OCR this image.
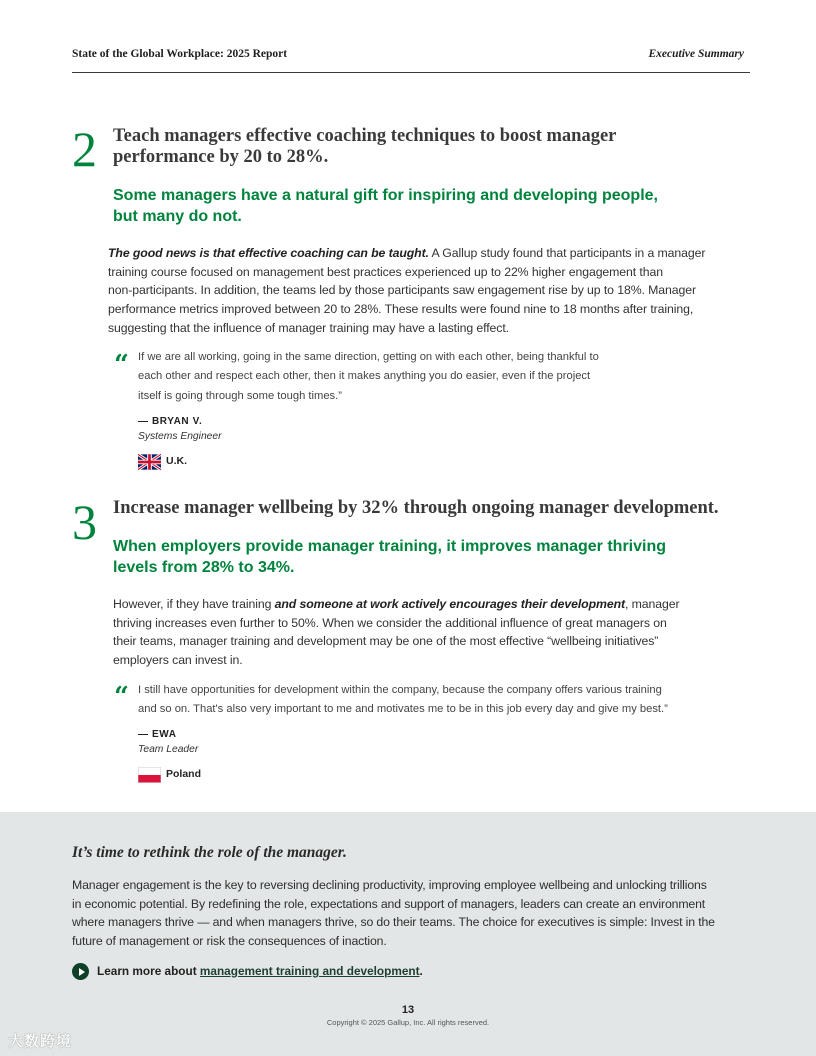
State of the Global Workplace: 2025 Report	Executive Summary
2 Teach managers effective coaching techniques to boost manager
performance by 20 to 28%.
Some managers have a natural gift for inspiring and developing people,
but many do not.
The good news is that effective coaching can be taught. A Gallup study found that participants in a manager
training course focused on management best practices experienced up to 22% higher engagement than
non-participants. In addition, the teams led by those participants saw engagement rise by up to 18%. Manager
performance metrics improved between 20 to 28%. These results were found nine to 18 months after training,
suggesting that the influence of manager training may have a lasting effect.
“ If we are all working, going in the same direction, getting on with each other, being thankful to
each other and respect each other, then it makes anything you do easier, even if the project
itself is going through some tough times.”
— BRYAN V.
Systems Engineer
U.K.
3 Increase manager wellbeing by 32% through ongoing manager development.
When employers provide manager training, it improves manager thriving
levels from 28% to 34%.
However, if they have training and someone at work actively encourages their development, manager
thriving increases even further to 50%. When we consider the additional influence of great managers on
their teams, manager training and development may be one of the most effective “wellbeing initiatives”
employers can invest in.
“ I still have opportunities for development within the company, because the company offers various training
and so on. That's also very important to me and motivates me to be in this job every day and give my best.”
— EWA
Team Leader
Poland
It’s time to rethink the role of the manager.
Manager engagement is the key to reversing declining productivity, improving employee wellbeing and unlocking trillions
in economic potential. By redefining the role, expectations and support of managers, leaders can create an environment
where managers thrive — and when managers thrive, so do their teams. The choice for executives is simple: Invest in the
future of management or risk the consequences of inaction.
Learn more about management training and development.
13
Copyright © 2025 Gallup, Inc. All rights reserved.
大数跨境
